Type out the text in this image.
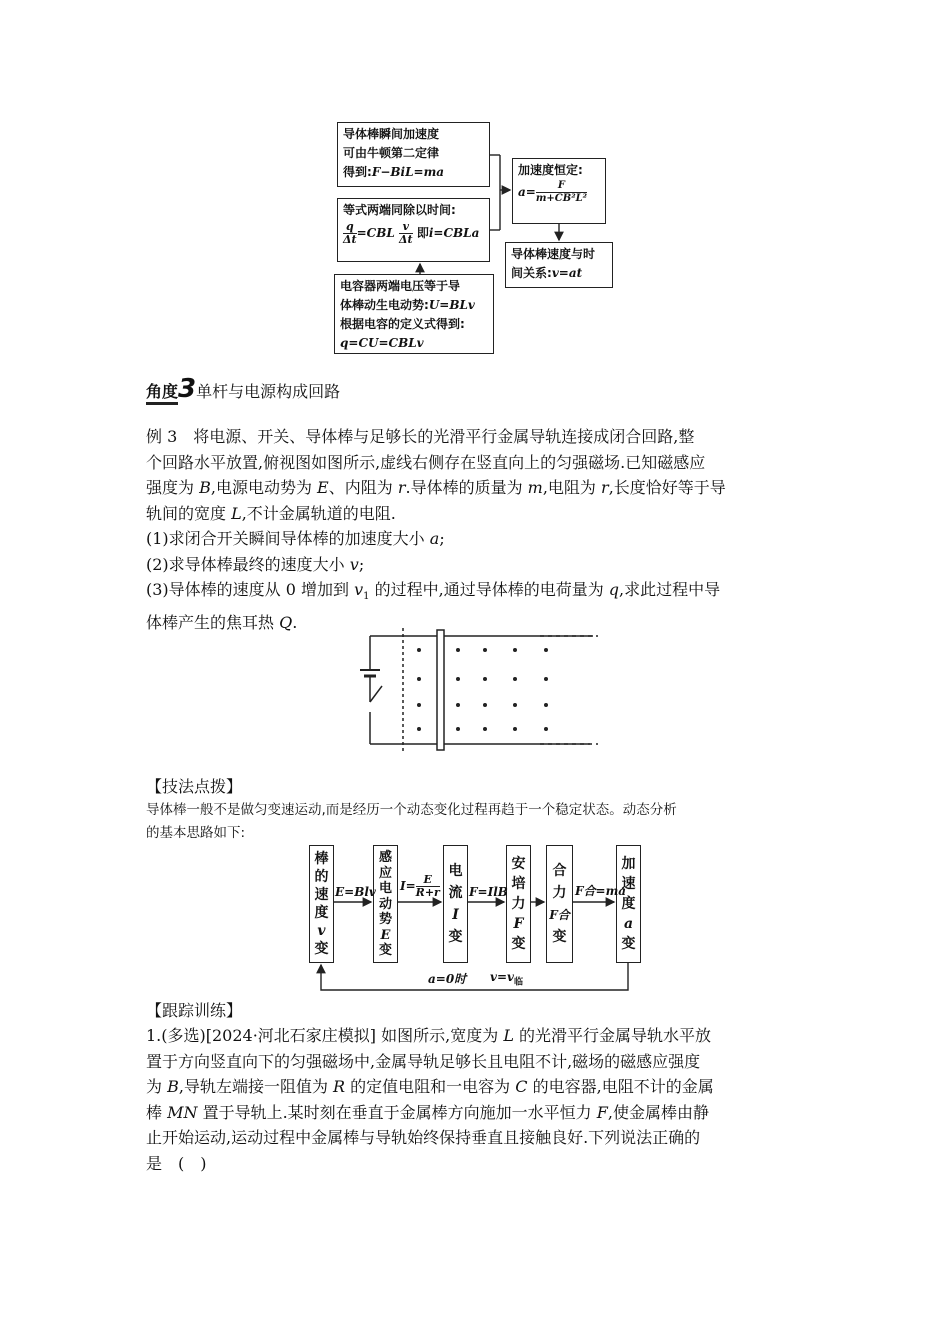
导体棒瞬间加速度
可由牛顿第二定律
得到:F−BiL=ma
等式两端同除以时间:
$\frac{q}{\Delta t} =CBL \frac{v}{\Delta t}$ 即i=CBLa
电容器两端电压等于导
体棒动生电动势:U=BLv
根据电容的定义式得到:
q=CU=CBLv
加速度恒定:
$a= \frac{F}{\text{m+CB²L²}}$
导体棒速度与时
间关系:v=at
角度3单杆与电源构成回路
例 3　将电源、开关、导体棒与足够长的光滑平行金属导轨连接成闭合回路,整
个回路水平放置,俯视图如图所示,虚线右侧存在竖直向上的匀强磁场.已知磁感应
强度为 B,电源电动势为 E、内阻为 r.导体棒的质量为 m,电阻为 r,长度恰好等于导
轨间的宽度 L,不计金属轨道的电阻.
(1)求闭合开关瞬间导体棒的加速度大小 a;
(2)求导体棒最终的速度大小 v;
(3)导体棒的速度从 0 增加到 $v_1$ 的过程中,通过导体棒的电荷量为 q,求此过程中导
体棒产生的焦耳热 Q.
【技法点拨】
导体棒一般不是做匀变速运动,而是经历一个动态变化过程再趋于一个稳定状态。动态分析
的基本思路如下:
棒
的
速
度
v
变
感
应
电
动
势
E
变
电
流
I
变
安
培
力
F
变
合
力
F合
变
加
速
度
a
变
E=Blv $I= \frac{E}{R+r} F=IlB$	F合=ma
a=0时 $v=v_临$
【跟踪训练】
1.(多选)[2024·河北石家庄模拟] 如图所示,宽度为 L 的光滑平行金属导轨水平放
置于方向竖直向下的匀强磁场中,金属导轨足够长且电阻不计,磁场的磁感应强度
为 B,导轨左端接一阻值为 R 的定值电阻和一电容为 C 的电容器,电阻不计的金属
棒 MN 置于导轨上.某时刻在垂直于金属棒方向施加一水平恒力 F,使金属棒由静
止开始运动,运动过程中金属棒与导轨始终保持垂直且接触良好.下列说法正确的
是　(　)
